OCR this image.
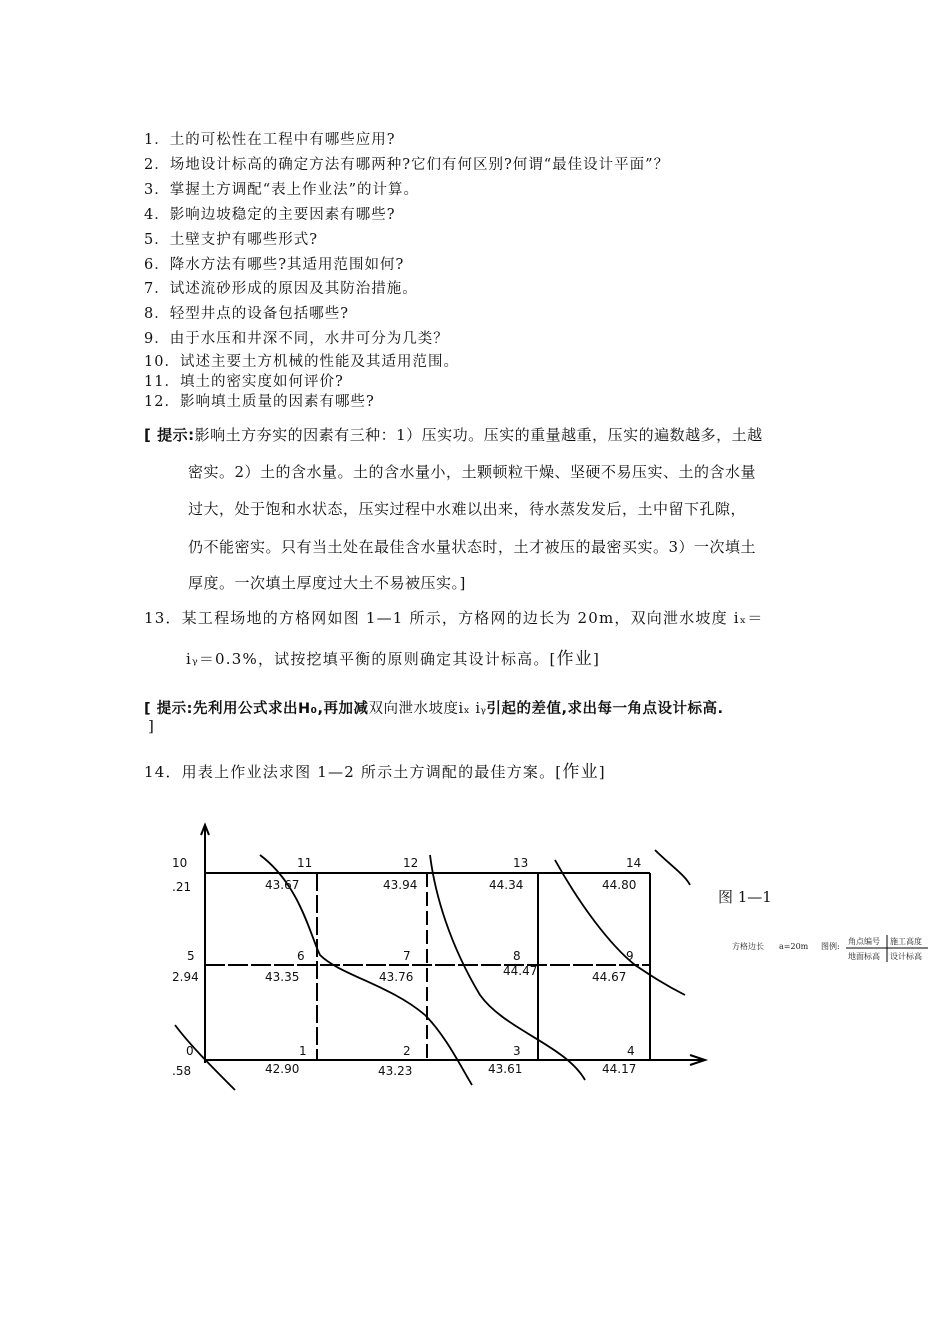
1．土的可松性在工程中有哪些应用?
2．场地设计标高的确定方法有哪两种?它们有何区别?何谓“最佳设计平面”？
3．掌握土方调配“表上作业法”的计算。
4．影响边坡稳定的主要因素有哪些?
5．土壁支护有哪些形式?
6．降水方法有哪些?其适用范围如何?
7．试述流砂形成的原因及其防治措施。
8．轻型井点的设备包括哪些?
9．由于水压和井深不同，水井可分为几类？
10．试述主要土方机械的性能及其适用范围。
11．填土的密实度如何评价?
12．影响填土质量的因素有哪些?
[ 提示:影响土方夯实的因素有三种：1）压实功。压实的重量越重，压实的遍数越多，土越
密实。2）土的含水量。土的含水量小，土颗顿粒干燥、坚硬不易压实、土的含水量
过大，处于饱和水状态，压实过程中水难以出来，待水蒸发发后，土中留下孔隙，
仍不能密实。只有当土处在最佳含水量状态时，土才被压的最密买实。3）一次填土
厚度。一次填土厚度过大土不易被压实。]
13．某工程场地的方格网如图 1—1 所示，方格网的边长为 20m，双向泄水坡度 iₓ＝
iᵧ＝0.3%，试按挖填平衡的原则确定其设计标高。[作业]
[ 提示:先利用公式求出H₀,再加减双向泄水坡度iₓ iᵧ引起的差值,求出每一角点设计标高.
]
14．用表上作业法求图 1—2 所示土方调配的最佳方案。[作业]
10	11	12	13	14
.21	43.67	43.94	44.34	44.80
5	6	7	8	9
2.94	43.35	43.76	44.47	44.67
0	1	2	3	4
.58	42.90	43.23	43.61	44.17
图 1—1
方格边长 a=20m 图例:
角点编号 施工高度
地面标高 设计标高
